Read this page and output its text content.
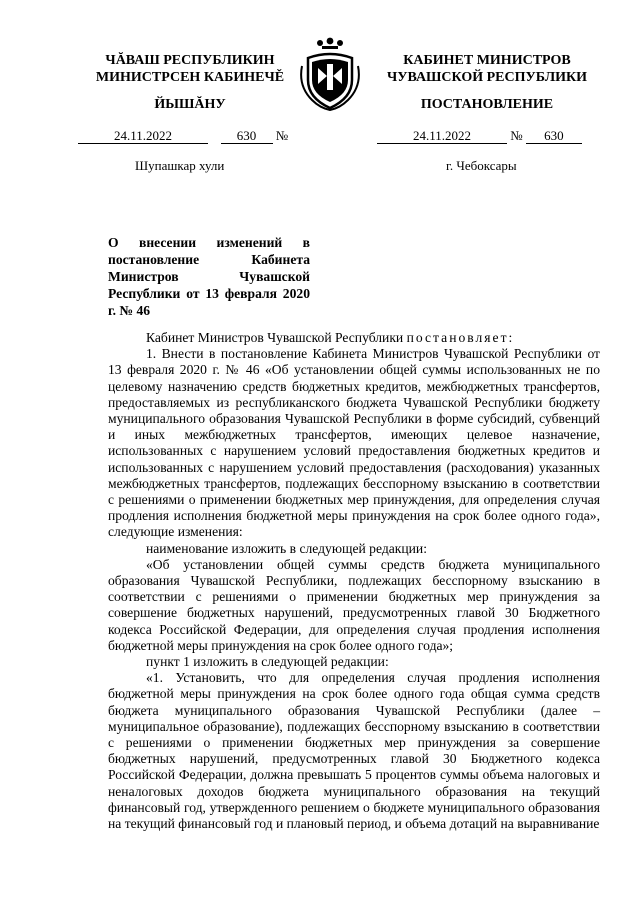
ЧĂВАШ РЕСПУБЛИКИН
МИНИСТРСЕН КАБИНЕЧĚ
КАБИНЕТ МИНИСТРОВ
ЧУВАШСКОЙ РЕСПУБЛИКИ
ЙЫШĂНУ	ПОСТАНОВЛЕНИЕ
24.11.2022	630 №	24.11.2022	№ 630
Шупашкар хули	г. Чебоксары
О внесении изменений в постановление Кабинета Министров Чувашской Республики от 13 февраля 2020 г. № 46

Кабинет Министров Чувашской Республики постановляет:

1. Внести в постановление Кабинета Министров Чувашской Республики от 13 февраля 2020 г. № 46 «Об установлении общей суммы использованных не по целевому назначению средств бюджетных кредитов, межбюджетных трансфертов, предоставляемых из республиканского бюджета Чувашской Республики бюджету муниципального образования Чувашской Республики в форме субсидий, субвенций и иных межбюджетных трансфертов, имеющих целевое назначение, использованных с нарушением условий предоставления бюджетных кредитов и использованных с нарушением условий предоставления (расходования) указанных межбюджетных трансфертов, подлежащих бесспорному взысканию в соответствии с решениями о применении бюджетных мер принуждения, для определения случая продления исполнения бюджетной меры принуждения на срок более одного года», следующие изменения:

наименование изложить в следующей редакции:

«Об установлении общей суммы средств бюджета муниципального образования Чувашской Республики, подлежащих бесспорному взысканию в соответствии с решениями о применении бюджетных мер принуждения за совершение бюджетных нарушений, предусмотренных главой 30 Бюджетного кодекса Российской Федерации, для определения случая продления исполнения бюджетной меры принуждения на срок более одного года»;

пункт 1 изложить в следующей редакции:

«1. Установить, что для определения случая продления исполнения бюджетной меры принуждения на срок более одного года общая сумма средств бюджета муниципального образования Чувашской Республики (далее – муниципальное образование), подлежащих бесспорному взысканию в соответствии с решениями о применении бюджетных мер принуждения за совершение бюджетных нарушений, предусмотренных главой 30 Бюджетного кодекса Российской Федерации, должна превышать 5 процентов суммы объема налоговых и неналоговых доходов бюджета муниципального образования на текущий финансовый год, утвержденного решением о бюджете муниципального образования на текущий финансовый год и плановый период, и объема дотаций на выравнивание
